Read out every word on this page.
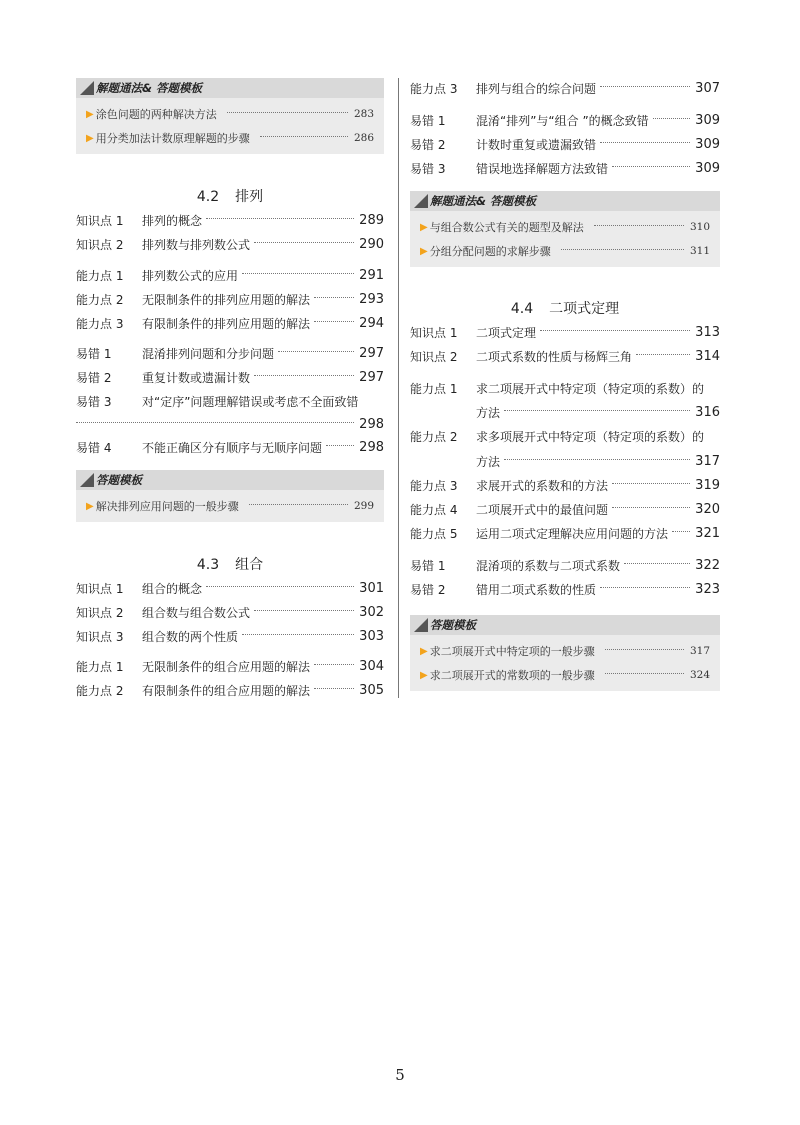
解题通法& 答题模板
▶ 涂色问题的两种解决方法	283
▶ 用分类加法计数原理解题的步骤	286
4.2 排列
知识点 1	排列的概念	289
知识点 2	排列数与排列数公式	290
能力点 1	排列数公式的应用	291
能力点 2	无限制条件的排列应用题的解法	293
能力点 3	有限制条件的排列应用题的解法	294
易错 1	混淆排列问题和分步问题	297
易错 2	重复计数或遗漏计数	297
易错 3	对“定序”问题理解错误或考虑不全面致错
298
易错 4	不能正确区分有顺序与无顺序问题	298
答题模板
▶ 解决排列应用问题的一般步骤	299
4.3 组合
知识点 1	组合的概念	301
知识点 2	组合数与组合数公式	302
知识点 3	组合数的两个性质	303
能力点 1	无限制条件的组合应用题的解法	304
能力点 2	有限制条件的组合应用题的解法	305
能力点 3	排列与组合的综合问题	307
易错 1	混淆“排列”与“组合 ”的概念致错	309
易错 2	计数时重复或遗漏致错	309
易错 3	错误地选择解题方法致错	309
解题通法& 答题模板
▶ 与组合数公式有关的题型及解法	310
▶ 分组分配问题的求解步骤	311
4.4 二项式定理
知识点 1	二项式定理	313
知识点 2	二项式系数的性质与杨辉三角	314
能力点 1	求二项展开式中特定项（特定项的系数）的
方法	316
能力点 2	求多项展开式中特定项（特定项的系数）的
方法	317
能力点 3	求展开式的系数和的方法	319
能力点 4	二项展开式中的最值问题	320
能力点 5	运用二项式定理解决应用问题的方法 321
易错 1	混淆项的系数与二项式系数	322
易错 2	错用二项式系数的性质	323
答题模板
▶ 求二项展开式中特定项的一般步骤	317
▶ 求二项展开式的常数项的一般步骤	324
5
